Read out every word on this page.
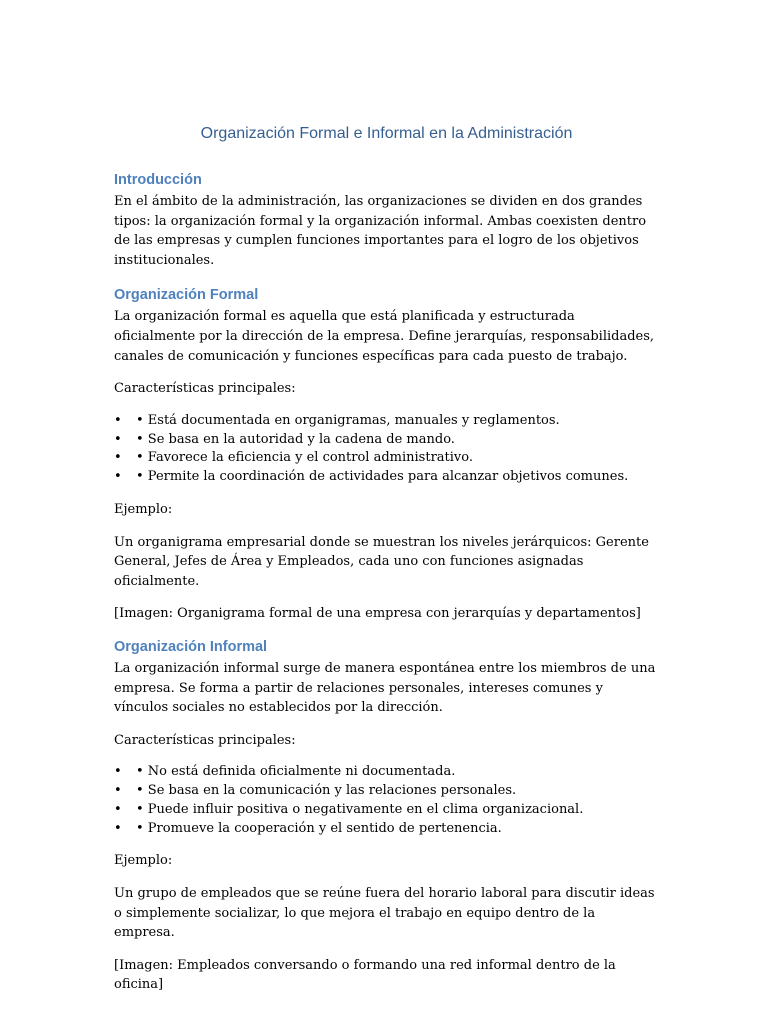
Organización Formal e Informal en la Administración
Introducción

En el ámbito de la administración, las organizaciones se dividen en dos grandes tipos: la organización formal y la organización informal. Ambas coexisten dentro de las empresas y cumplen funciones importantes para el logro de los objetivos institucionales.

Organización Formal

La organización formal es aquella que está planificada y estructurada oficialmente por la dirección de la empresa. Define jerarquías, responsabilidades, canales de comunicación y funciones específicas para cada puesto de trabajo.

Características principales:

• • Está documentada en organigramas, manuales y reglamentos.
• • Se basa en la autoridad y la cadena de mando.
• • Favorece la eficiencia y el control administrativo.
• • Permite la coordinación de actividades para alcanzar objetivos comunes.

Ejemplo:

Un organigrama empresarial donde se muestran los niveles jerárquicos: Gerente General, Jefes de Área y Empleados, cada uno con funciones asignadas oficialmente.

[Imagen: Organigrama formal de una empresa con jerarquías y departamentos]

Organización Informal

La organización informal surge de manera espontánea entre los miembros de una empresa. Se forma a partir de relaciones personales, intereses comunes y vínculos sociales no establecidos por la dirección.

Características principales:

• • No está definida oficialmente ni documentada.
• • Se basa en la comunicación y las relaciones personales.
• • Puede influir positiva o negativamente en el clima organizacional.
• • Promueve la cooperación y el sentido de pertenencia.

Ejemplo:

Un grupo de empleados que se reúne fuera del horario laboral para discutir ideas o simplemente socializar, lo que mejora el trabajo en equipo dentro de la empresa.

[Imagen: Empleados conversando o formando una red informal dentro de la oficina]
